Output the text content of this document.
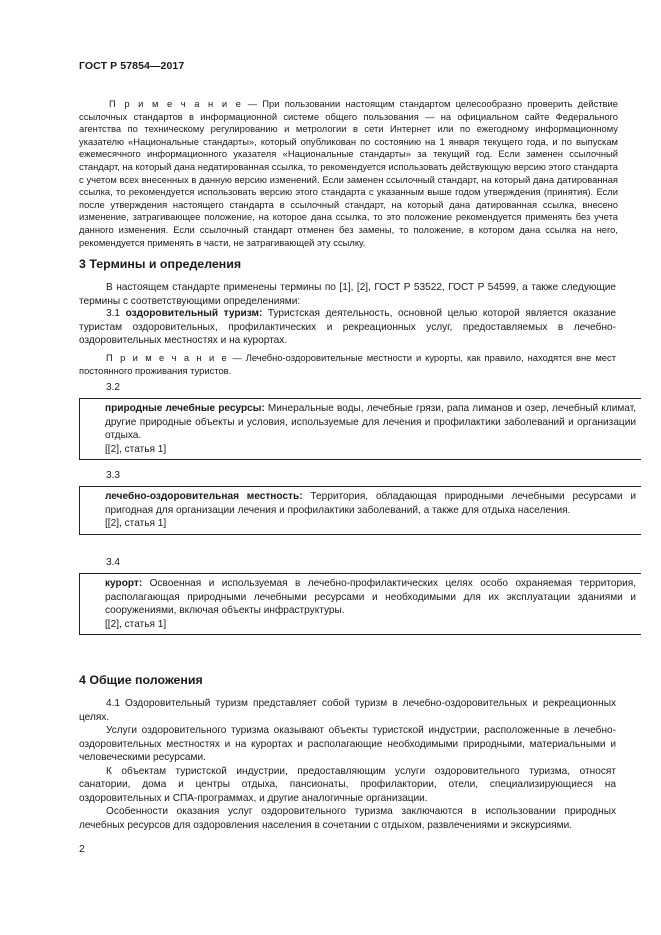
ГОСТ Р 57854—2017
П р и м е ч а н и е — При пользовании настоящим стандартом целесообразно проверить действие ссылочных стандартов в информационной системе общего пользования — на официальном сайте Федерального агентства по техническому регулированию и метрологии в сети Интернет или по ежегодному информационному указателю «Национальные стандарты», который опубликован по состоянию на 1 января текущего года, и по выпускам ежемесячного информационного указателя «Национальные стандарты» за текущий год. Если заменен ссылочный стандарт, на который дана недатированная ссылка, то рекомендуется использовать действующую версию этого стандарта с учетом всех внесенных в данную версию изменений. Если заменен ссылочный стандарт, на который дана датированная ссылка, то рекомендуется использовать версию этого стандарта с указанным выше годом утверждения (принятия). Если после утверждения настоящего стандарта в ссылочный стандарт, на который дана датированная ссылка, внесено изменение, затрагивающее положение, на которое дана ссылка, то это положение рекомендуется применять без учета данного изменения. Если ссылочный стандарт отменен без замены, то положение, в котором дана ссылка на него, рекомендуется применять в части, не затрагивающей эту ссылку.
3 Термины и определения

В настоящем стандарте применены термины по [1], [2], ГОСТ Р 53522, ГОСТ Р 54599, а также следующие термины с соответствующими определениями:

3.1 оздоровительный туризм: Туристская деятельность, основной целью которой является оказание туристам оздоровительных, профилактических и рекреационных услуг, предоставляемых в лечебно-оздоровительных местностях и на курортах.

П р и м е ч а н и е — Лечебно-оздоровительные местности и курорты, как правило, находятся вне мест постоянного проживания туристов.

3.2

природные лечебные ресурсы: Минеральные воды, лечебные грязи, рапа лиманов и озер, лечебный климат, другие природные объекты и условия, используемые для лечения и профилактики заболеваний и организации отдыха.

[[2], статья 1]

3.3

лечебно-оздоровительная местность: Территория, обладающая природными лечебными ресурсами и пригодная для организации лечения и профилактики заболеваний, а также для отдыха населения.

[[2], статья 1]

3.4

курорт: Освоенная и используемая в лечебно-профилактических целях особо охраняемая территория, располагающая природными лечебными ресурсами и необходимыми для их эксплуатации зданиями и сооружениями, включая объекты инфраструктуры.

[[2], статья 1]

4 Общие положения

4.1 Оздоровительный туризм представляет собой туризм в лечебно-оздоровительных и рекреационных целях.

Услуги оздоровительного туризма оказывают объекты туристской индустрии, расположенные в лечебно-оздоровительных местностях и на курортах и располагающие необходимыми природными, материальными и человеческими ресурсами.

К объектам туристской индустрии, предоставляющим услуги оздоровительного туризма, относят санатории, дома и центры отдыха, пансионаты, профилактории, отели, специализирующиеся на оздоровительных и СПА-программах, и другие аналогичные организации.

Особенности оказания услуг оздоровительного туризма заключаются в использовании природных лечебных ресурсов для оздоровления населения в сочетании с отдыхом, развлечениями и экскурсиями.

2
